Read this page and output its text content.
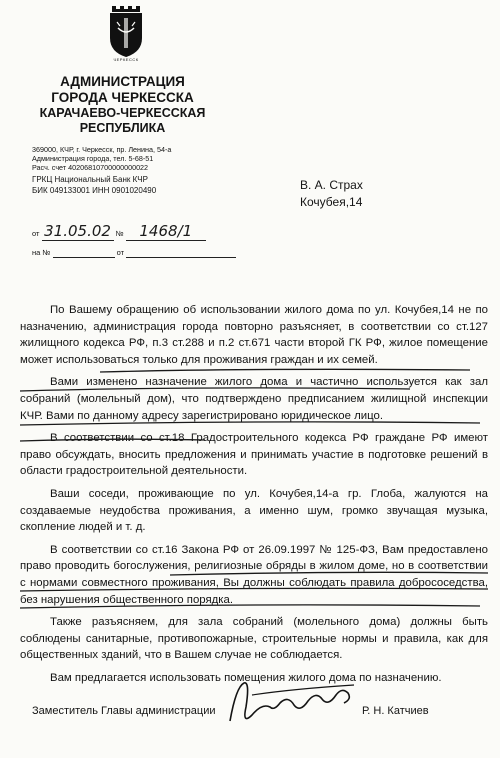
ЧЕРКЕССК
АДМИНИСТРАЦИЯ
ГОРОДА ЧЕРКЕССКА
КАРАЧАЕВО-ЧЕРКЕССКАЯ
РЕСПУБЛИКА
369000, КЧР, г. Черкесск, пр. Ленина, 54-а
Администрация города, тел. 5-68-51
Расч. счет 40206810700000000022
ГРКЦ Национальный Банк КЧР
БИК 049133001 ИНН 0901020490	В. А. Страх
Кочубея,14
от 31.05.02 № 1468/1
на №	от

По Вашему обращению об использовании жилого дома по ул. Кочубея,14 не по назначению, администрация города повторно разъясняет, в соответствии со ст.127 жилищного кодекса РФ, п.3 ст.288 и п.2 ст.671 части второй ГК РФ, жилое помещение может использоваться только для проживания граждан и их семей.

Вами изменено назначение жилого дома и частично используется как зал собраний (молельный дом), что подтверждено предписанием жилищной инспекции КЧР. Вами по данному адресу зарегистрировано юридическое лицо.

В соответствии со ст.18 Градостроительного кодекса РФ граждане РФ имеют право обсуждать, вносить предложения и принимать участие в подготовке решений в области градостроительной деятельности.

Ваши соседи, проживающие по ул. Кочубея,14-а гр. Глоба, жалуются на создаваемые неудобства проживания, а именно шум, громко звучащая музыка, скопление людей и т. д.

В соответствии со ст.16 Закона РФ от 26.09.1997 № 125-ФЗ, Вам предоставлено право проводить богослужения, религиозные обряды в жилом доме, но в соответствии с нормами совместного проживания, Вы должны соблюдать правила добрососедства, без нарушения общественного порядка.

Также разъясняем, для зала собраний (молельного дома) должны быть соблюдены санитарные, противопожарные, строительные нормы и правила, как для общественных зданий, что в Вашем случае не соблюдается.

Вам предлагается использовать помещения жилого дома по назначению.

Заместитель Главы администрации	Р. Н. Катчиев
